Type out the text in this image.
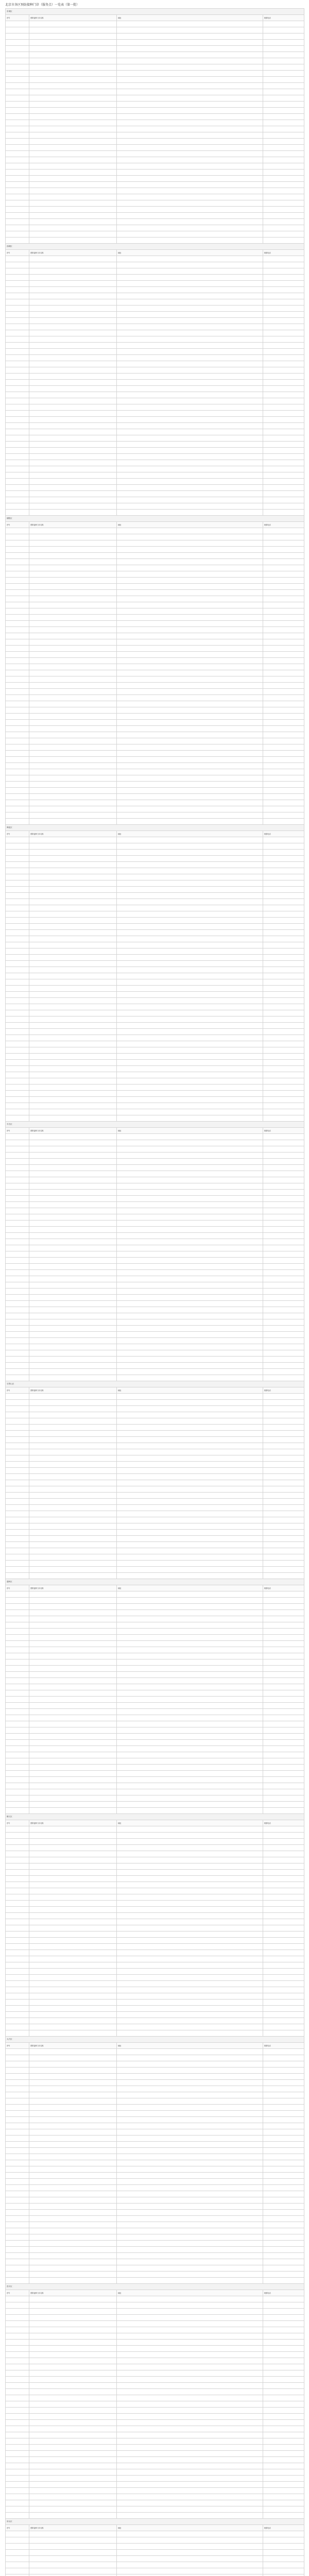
北京市各区预防接种门诊（服务点）一览表（第一批）
东城区			
序号	预防接种门诊名称	地址	联系电话

西城区			
序号	预防接种门诊名称	地址	联系电话

朝阳区			
序号	预防接种门诊名称	地址	联系电话

海淀区			
序号	预防接种门诊名称	地址	联系电话

丰台区			
序号	预防接种门诊名称	地址	联系电话

石景山区			
序号	预防接种门诊名称	地址	联系电话

通州区			
序号	预防接种门诊名称	地址	联系电话

顺义区			
序号	预防接种门诊名称	地址	联系电话

大兴区			
序号	预防接种门诊名称	地址	联系电话

昌平区			
序号	预防接种门诊名称	地址	联系电话

房山区			
序号	预防接种门诊名称	地址	联系电话
